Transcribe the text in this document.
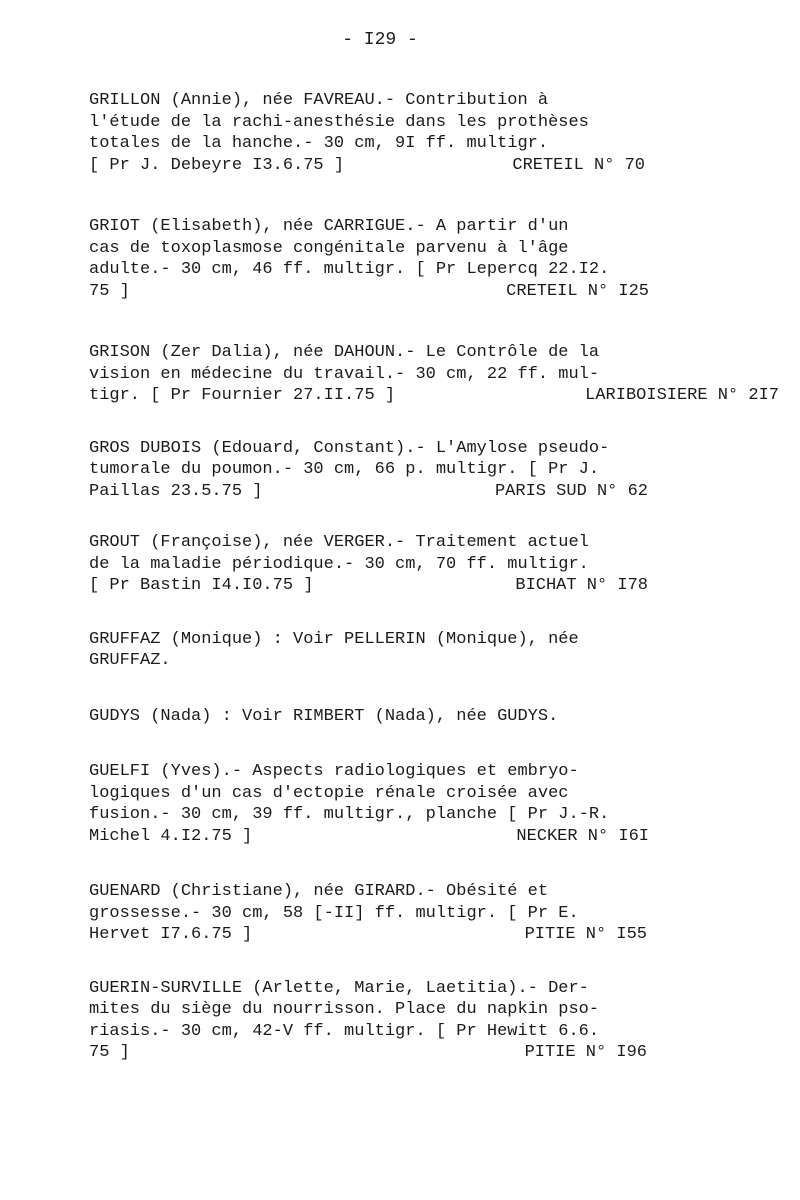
- I29 -
GRILLON (Annie), née FAVREAU.- Contribution à
l'étude de la rachi-anesthésie dans les prothèses
totales de la hanche.- 30 cm, 9I ff. multigr.
[ Pr J. Debeyre I3.6.75 ]	CRETEIL N° 70
GRIOT (Elisabeth), née CARRIGUE.- A partir d'un
cas de toxoplasmose congénitale parvenu à l'âge
adulte.- 30 cm, 46 ff. multigr. [ Pr Lepercq 22.I2.
75 ]	CRETEIL N° I25
GRISON (Zer Dalia), née DAHOUN.- Le Contrôle de la
vision en médecine du travail.- 30 cm, 22 ff. mul-
tigr. [ Pr Fournier 27.II.75 ]	LARIBOISIERE N° 2I7
GROS DUBOIS (Edouard, Constant).- L'Amylose pseudo-
tumorale du poumon.- 30 cm, 66 p. multigr. [ Pr J.
Paillas 23.5.75 ]	PARIS SUD N° 62
GROUT (Françoise), née VERGER.- Traitement actuel
de la maladie périodique.- 30 cm, 70 ff. multigr.
[ Pr Bastin I4.I0.75 ]	BICHAT N° I78
GRUFFAZ (Monique) : Voir PELLERIN (Monique), née
GRUFFAZ.
GUDYS (Nada) : Voir RIMBERT (Nada), née GUDYS.
GUELFI (Yves).- Aspects radiologiques et embryo-
logiques d'un cas d'ectopie rénale croisée avec
fusion.- 30 cm, 39 ff. multigr., planche [ Pr J.-R.
Michel 4.I2.75 ]	NECKER N° I6I
GUENARD (Christiane), née GIRARD.- Obésité et
grossesse.- 30 cm, 58 [-II] ff. multigr. [ Pr E.
Hervet I7.6.75 ]	PITIE N° I55
GUERIN-SURVILLE (Arlette, Marie, Laetitia).- Der-
mites du siège du nourrisson. Place du napkin pso-
riasis.- 30 cm, 42-V ff. multigr. [ Pr Hewitt 6.6.
75 ]	PITIE N° I96
